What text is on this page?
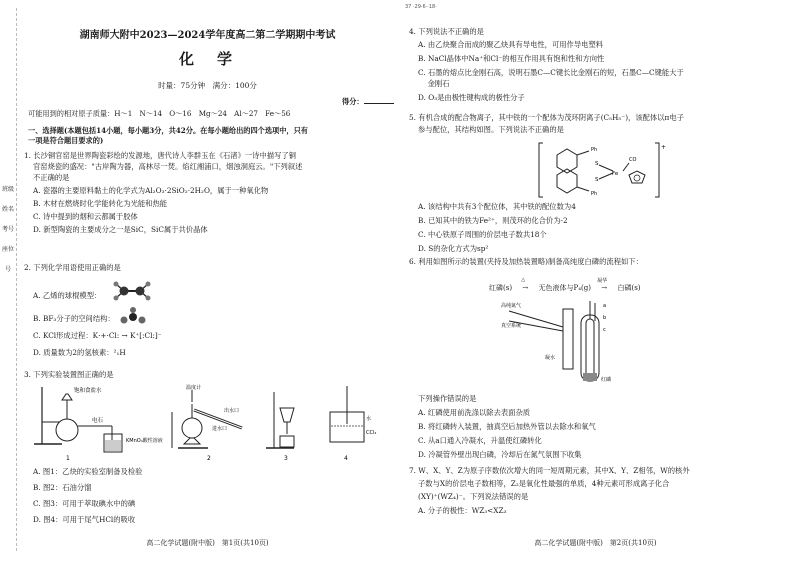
班级
姓名
考号
座位号
湖南师大附中2023—2024学年度高二第二学期期中考试
化　学
时量：75分钟　满分：100分
得分：
可能用到的相对原子质量：H～1　N～14　O～16　Mg～24　Al～27　Fe～56
一、选择题(本题包括14小题，每小题3分，共42分。在每小题给出的四个选项中，只有
一项是符合题目要求的)
1. 长沙铜官窑是世界陶瓷彩绘的发源地，唐代诗人李群玉在《石渚》一诗中描写了铜
官窑烧瓷的盛况："古岸陶为器，高林尽一焚。焰红湘浦口，烟浊洞庭云。"下列叙述
不正确的是
A. 瓷器的主要原料黏土的化学式为Al₂O₃·2SiO₂·2H₂O，属于一种氧化物
B. 木材在燃烧时化学能转化为光能和热能
C. 诗中提到的烟和云都属于胶体
D. 新型陶瓷的主要成分之一是SiC，SiC属于共价晶体
2. 下列化学用语使用正确的是
A. 乙烯的球棍模型：
B. BF₃分子的空间结构：
C. KCl形成过程：K·+·Cl: → K⁺[:Cl:]⁻
D. 质量数为2的氢核素：²₁H
3. 下列实验装置图正确的是
饱和食盐水
电石
KMnO₄酸性溶液
温度计
出水口
进水口
水
CCl₄
1	2	3	4
A. 图1：乙炔的实验室制备及检验
B. 图2：石油分馏
C. 图3：可用于萃取碘水中的碘
D. 图4：可用于尾气HCl的吸收
高二化学试题(附中版)　第1页(共10页)
37 ·29·6··18·
4. 下列说法不正确的是
A. 由乙炔聚合而成的聚乙炔具有导电性，可用作导电塑料
B. NaCl晶体中Na⁺和Cl⁻的相互作用具有饱和性和方向性
C. 石墨的熔点比金刚石高，说明石墨C—C键长比金刚石的短，石墨C—C键能大于
　 金刚石
D. O₃是由极性键构成的极性分子
5. 有机合成的配合物离子，其中铁的一个配体为茂环阴离子(C₅H₅⁻)，该配体以π电子
参与配位，其结构如图。下列说法不正确的是
+
Ph
Ph
S
S
Fe
CO
A. 该结构中共有3个配位体，其中铁的配位数为4
B. 已知其中的铁为Fe²⁺，则茂环的化合价为-2
C. 中心铁原子周围的价层电子数共18个
D. S的杂化方式为sp²
6. 利用如图所示的装置(夹持及加热装置略)制备高纯度白磷的流程如下：
红磷(s)
△
→ 无色液体与P₄(g)
凝华
→ 白磷(s)
高纯氮气
真空系统
a
b
c
凝水
红磷
下列操作错误的是
A. 红磷使用前洗涤以除去表面杂质
B. 将红磷转入装置，抽真空后加热外管以去除水和氧气
C. 从a口通入冷凝水，升温使红磷转化
D. 冷凝管外壁出现白磷，冷却后在氮气氛围下收集
7. W、X、Y、Z为原子序数依次增大的同一短周期元素，其中X、Y、Z相邻，W的核外
子数与X的价层电子数相等，Z₂是氧化性最强的单质，4种元素可形成离子化合
(XY)⁺(WZ₄)⁻。下列说法错误的是
A. 分子的极性：WZ₃<XZ₃
高二化学试题(附中版)　第2页(共10页)
